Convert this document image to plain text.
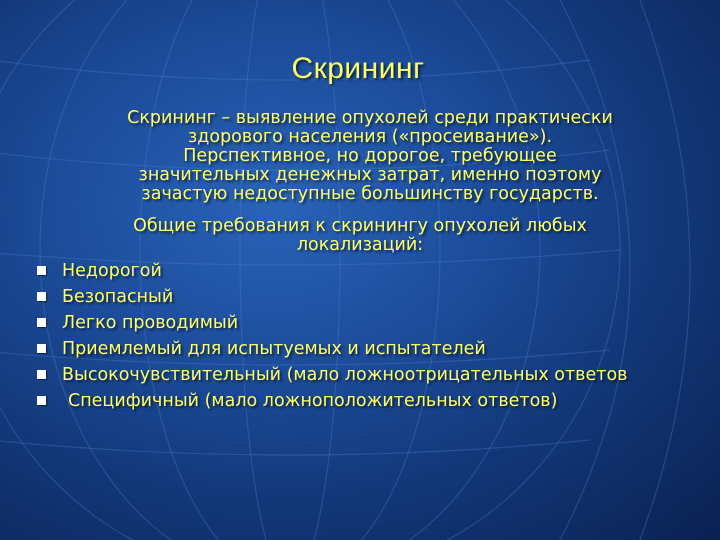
Скрининг
Скрининг – выявление опухолей среди практически
здорового населения («просеивание»).
Перспективное, но дорогое, требующее
значительных денежных затрат, именно поэтому
зачастую недоступные большинству государств.
Общие требования к скринингу опухолей любых
локализаций:
Недорогой
Безопасный
Легко проводимый
Приемлемый для испытуемых и испытателей
Высокочувствительный (мало ложноотрицательных ответов
Специфичный (мало ложноположительных ответов)
